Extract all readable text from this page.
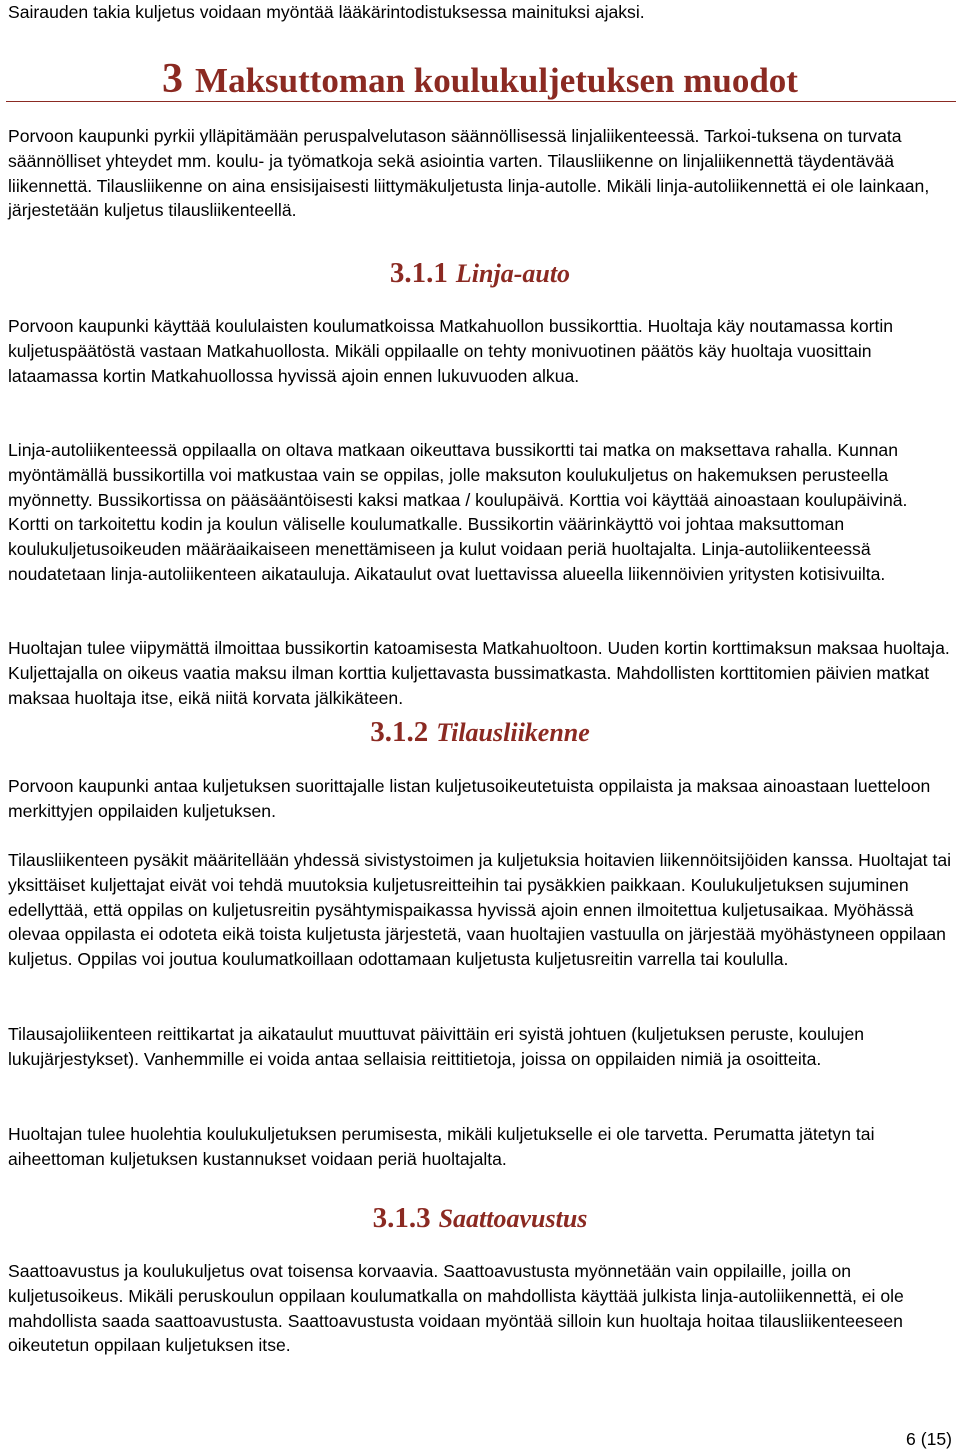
Sairauden takia kuljetus voidaan myöntää lääkärintodistuksessa mainituksi ajaksi.

3 Maksuttoman koulukuljetuksen muodot

Porvoon kaupunki pyrkii ylläpitämään peruspalvelutason säännöllisessä linjaliikenteessä. Tarkoi-tuksena on turvata säännölliset yhteydet mm. koulu- ja työmatkoja sekä asiointia varten. Tilausliikenne on linjaliikennettä täydentävää liikennettä. Tilausliikenne on aina ensisijaisesti liittymäkuljetusta linja-autolle. Mikäli linja-autoliikennettä ei ole lainkaan, järjestetään kuljetus tilausliikenteellä.

3.1.1 Linja-auto

Porvoon kaupunki käyttää koululaisten koulumatkoissa Matkahuollon bussikorttia. Huoltaja käy noutamassa kortin kuljetuspäätöstä vastaan Matkahuollosta. Mikäli oppilaalle on tehty monivuotinen päätös käy huoltaja vuosittain lataamassa kortin Matkahuollossa hyvissä ajoin ennen lukuvuoden alkua.

Linja-autoliikenteessä oppilaalla on oltava matkaan oikeuttava bussikortti tai matka on maksettava rahalla. Kunnan myöntämällä bussikortilla voi matkustaa vain se oppilas, jolle maksuton koulukuljetus on hakemuksen perusteella myönnetty. Bussikortissa on pääsääntöisesti kaksi matkaa / koulupäivä. Korttia voi käyttää ainoastaan koulupäivinä. Kortti on tarkoitettu kodin ja koulun väliselle koulumatkalle. Bussikortin väärinkäyttö voi johtaa maksuttoman koulukuljetusoikeuden määräaikaiseen menettämiseen ja kulut voidaan periä huoltajalta. Linja-autoliikenteessä noudatetaan linja-autoliikenteen aikatauluja. Aikataulut ovat luettavissa alueella liikennöivien yritysten kotisivuilta.

Huoltajan tulee viipymättä ilmoittaa bussikortin katoamisesta Matkahuoltoon. Uuden kortin korttimaksun maksaa huoltaja. Kuljettajalla on oikeus vaatia maksu ilman korttia kuljettavasta bussimatkasta. Mahdollisten korttitomien päivien matkat maksaa huoltaja itse, eikä niitä korvata jälkikäteen.

3.1.2 Tilausliikenne

Porvoon kaupunki antaa kuljetuksen suorittajalle listan kuljetusoikeutetuista oppilaista ja maksaa ainoastaan luetteloon merkittyjen oppilaiden kuljetuksen.

Tilausliikenteen pysäkit määritellään yhdessä sivistystoimen ja kuljetuksia hoitavien liikennöitsijöiden kanssa. Huoltajat tai yksittäiset kuljettajat eivät voi tehdä muutoksia kuljetusreitteihin tai pysäkkien paikkaan. Koulukuljetuksen sujuminen edellyttää, että oppilas on kuljetusreitin pysähtymispaikassa hyvissä ajoin ennen ilmoitettua kuljetusaikaa. Myöhässä olevaa oppilasta ei odoteta eikä toista kuljetusta järjestetä, vaan huoltajien vastuulla on järjestää myöhästyneen oppilaan kuljetus. Oppilas voi joutua koulumatkoillaan odottamaan kuljetusta kuljetusreitin varrella tai koululla.

Tilausajoliikenteen reittikartat ja aikataulut muuttuvat päivittäin eri syistä johtuen (kuljetuksen peruste, koulujen lukujärjestykset). Vanhemmille ei voida antaa sellaisia reittitietoja, joissa on oppilaiden nimiä ja osoitteita.

Huoltajan tulee huolehtia koulukuljetuksen perumisesta, mikäli kuljetukselle ei ole tarvetta. Perumatta jätetyn tai aiheettoman kuljetuksen kustannukset voidaan periä huoltajalta.

3.1.3 Saattoavustus

Saattoavustus ja koulukuljetus ovat toisensa korvaavia. Saattoavustusta myönnetään vain oppilaille, joilla on kuljetusoikeus. Mikäli peruskoulun oppilaan koulumatkalla on mahdollista käyttää julkista linja-autoliikennettä, ei ole mahdollista saada saattoavustusta. Saattoavustusta voidaan myöntää silloin kun huoltaja hoitaa tilausliikenteeseen oikeutetun oppilaan kuljetuksen itse.

6 (15)
